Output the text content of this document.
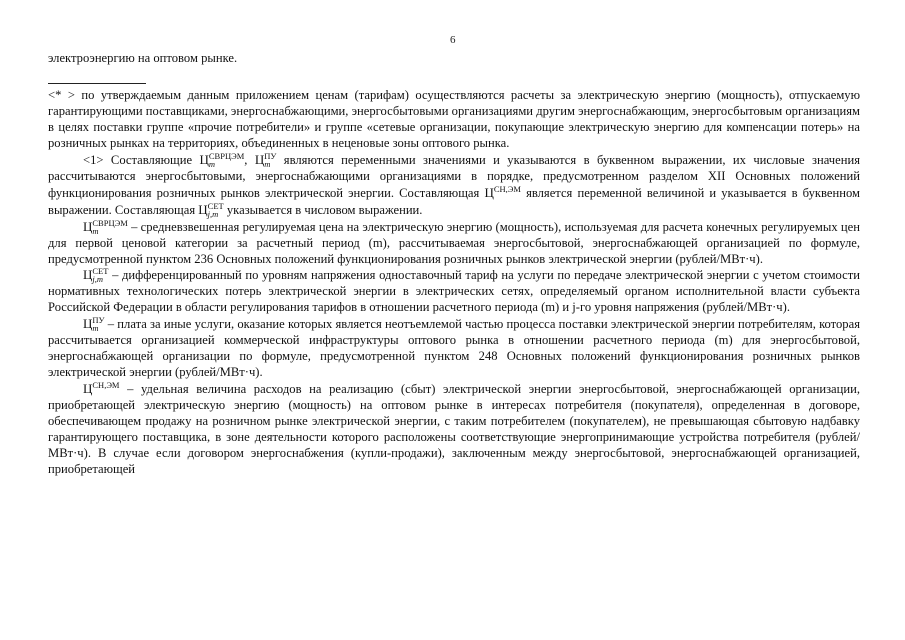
6
электроэнергию на оптовом рынке.

<* > по утверждаемым данным приложением ценам (тарифам) осуществляются расчеты за электрическую энергию (мощность), отпускаемую гарантирующими поставщиками, энергоснабжающими, энергосбытовыми организациями другим энергоснабжающим, энергосбытовым организациям в целях поставки группе «прочие потребители» и группе «сетевые организации, покупающие электрическую энергию для компенсации потерь» на розничных рынках на территориях, объединенных в неценовые зоны оптового рынка.

<1> Составляющие Ц СВРЦЭМ
m	, Ц ПУ
m являются переменными значениями и указываются в буквенном выражении, их числовые значения рассчитываются энергосбытовыми, энергоснабжающими организациями в порядке, предусмотренном разделом XII Основных положений функционирования розничных рынков электрической энергии. Составляющая $Ц^{СН,ЭМ}$ является переменной величиной и указывается в буквенном выражении. Составляющая Ц СЕТ
j,m указывается в числовом выражении.

Ц СВРЦЭМ
m	– средневзвешенная регулируемая цена на электрическую энергию (мощность), используемая для расчета конечных регулируемых цен для первой ценовой категории за расчетный период (m), рассчитываемая энергосбытовой, энергоснабжающей организацией по формуле, предусмотренной пунктом 236 Основных положений функционирования розничных рынков электрической энергии (рублей/МВт·ч).

Ц СЕТ
j,m – дифференцированный по уровням напряжения одноставочный тариф на услуги по передаче электрической энергии с учетом стоимости нормативных технологических потерь электрической энергии в электрических сетях, определяемый органом исполнительной власти субъекта Российской Федерации в области регулирования тарифов в отношении расчетного периода (m) и j-го уровня напряжения (рублей/МВт·ч).

Ц ПУ
m – плата за иные услуги, оказание которых является неотъемлемой частью процесса поставки электрической энергии потребителям, которая рассчитывается организацией коммерческой инфраструктуры оптового рынка в отношении расчетного периода (m) для энергосбытовой, энергоснабжающей организации по формуле, предусмотренной пунктом 248 Основных положений функционирования розничных рынков электрической энергии (рублей/МВт·ч).

$Ц^{СН,ЭМ}$ – удельная величина расходов на реализацию (сбыт) электрической энергии энергосбытовой, энергоснабжающей организации, приобретающей электрическую энергию (мощность) на оптовом рынке в интересах потребителя (покупателя), определенная в договоре, обеспечивающем продажу на розничном рынке электрической энергии, с таким потребителем (покупателем), не превышающая сбытовую надбавку гарантирующего поставщика, в зоне деятельности которого расположены соответствующие энергопринимающие устройства потребителя (рублей/МВт·ч). В случае если договором энергоснабжения (купли-продажи), заключенным между энергосбытовой, энергоснабжающей организацией, приобретающей
